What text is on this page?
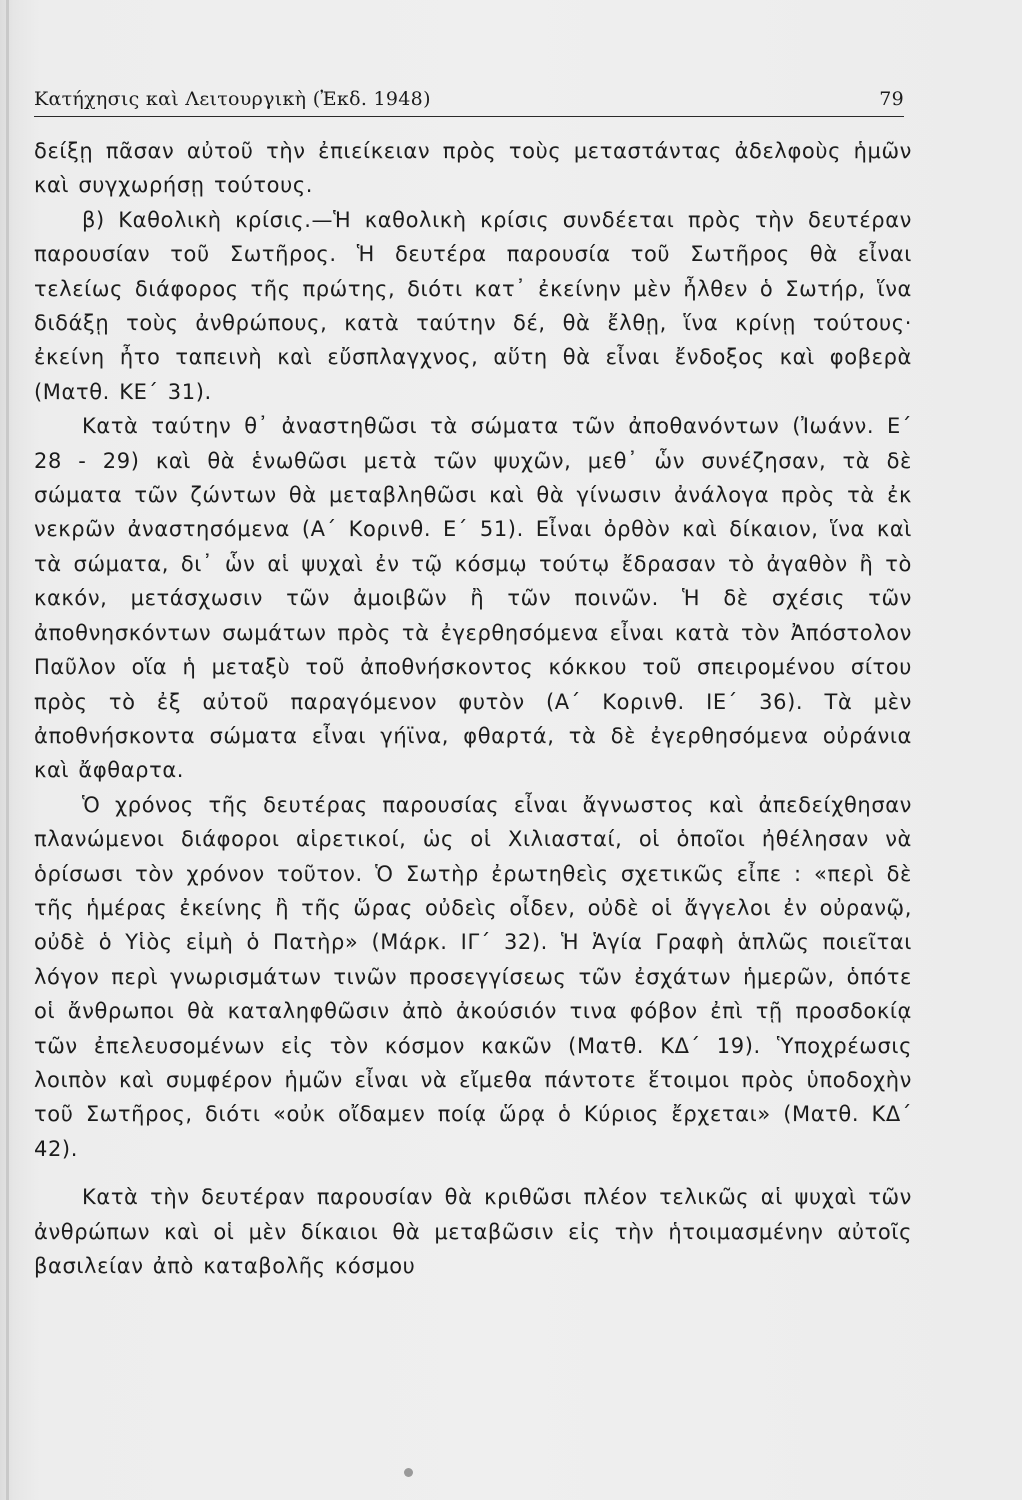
Κατήχησις καὶ Λειτουργικὴ (Ἐκδ. 1948)	79

δείξῃ πᾶσαν αὐτοῦ τὴν ἐπιείκειαν πρὸς τοὺς μεταστάντας ἀδελφοὺς ἡμῶν καὶ συγχωρήσῃ τούτους.

β) Καθολικὴ κρίσις.—Ἡ καθολικὴ κρίσις συνδέεται πρὸς τὴν δευτέραν παρουσίαν τοῦ Σωτῆρος. Ἡ δευτέρα παρουσία τοῦ Σωτῆρος θὰ εἶναι τελείως διάφορος τῆς πρώτης, διότι κατ᾽ ἐκείνην μὲν ἦλθεν ὁ Σωτήρ, ἵνα διδάξῃ τοὺς ἀνθρώπους, κατὰ ταύτην δέ, θὰ ἔλθῃ, ἵνα κρίνῃ τούτους· ἐκείνη ἦτο ταπεινὴ καὶ εὔσπλαγχνος, αὕτη θὰ εἶναι ἔνδοξος καὶ φοβερὰ (Ματθ. ΚΕ΄ 31).

Κατὰ ταύτην θ᾽ ἀναστηθῶσι τὰ σώματα τῶν ἀποθανόντων (Ἰωάνν. Ε΄ 28 - 29) καὶ θὰ ἑνωθῶσι μετὰ τῶν ψυχῶν, μεθ᾽ ὧν συνέζησαν, τὰ δὲ σώματα τῶν ζώντων θὰ μεταβληθῶσι καὶ θὰ γίνωσιν ἀνάλογα πρὸς τὰ ἐκ νεκρῶν ἀναστησόμενα (Α΄ Κορινθ. Ε΄ 51). Εἶναι ὀρθὸν καὶ δίκαιον, ἵνα καὶ τὰ σώματα, δι᾽ ὧν αἱ ψυχαὶ ἐν τῷ κόσμῳ τούτῳ ἔδρασαν τὸ ἀγαθὸν ἢ τὸ κακόν, μετάσχωσιν τῶν ἀμοιβῶν ἢ τῶν ποινῶν. Ἡ δὲ σχέσις τῶν ἀποθνησκόντων σωμάτων πρὸς τὰ ἐγερθησόμενα εἶναι κατὰ τὸν Ἀπόστολον Παῦλον οἵα ἡ μεταξὺ τοῦ ἀποθνήσκοντος κόκκου τοῦ σπειρομένου σίτου πρὸς τὸ ἐξ αὐτοῦ παραγόμενον φυτὸν (Α΄ Κορινθ. ΙΕ΄ 36). Τὰ μὲν ἀποθνήσκοντα σώματα εἶναι γήϊνα, φθαρτά, τὰ δὲ ἐγερθησόμενα οὐράνια καὶ ἄφθαρτα.

Ὁ χρόνος τῆς δευτέρας παρουσίας εἶναι ἄγνωστος καὶ ἀπεδείχθησαν πλανώμενοι διάφοροι αἱρετικοί, ὡς οἱ Χιλιασταί, οἱ ὁποῖοι ἠθέλησαν νὰ ὁρίσωσι τὸν χρόνον τοῦτον. Ὁ Σωτὴρ ἐρωτηθεὶς σχετικῶς εἶπε : «περὶ δὲ τῆς ἡμέρας ἐκείνης ἢ τῆς ὥρας οὐδεὶς οἶδεν, οὐδὲ οἱ ἄγγελοι ἐν οὐρανῷ, οὐδὲ ὁ Υἱὸς εἰμὴ ὁ Πατὴρ» (Μάρκ. ΙΓ΄ 32). Ἡ Ἁγία Γραφὴ ἁπλῶς ποιεῖται λόγον περὶ γνωρισμάτων τινῶν προσεγγίσεως τῶν ἐσχάτων ἡμερῶν, ὁπότε οἱ ἄνθρωποι θὰ καταληφθῶσιν ἀπὸ ἀκούσιόν τινα φόβον ἐπὶ τῇ προσδοκίᾳ τῶν ἐπελευσομένων εἰς τὸν κόσμον κακῶν (Ματθ. ΚΔ΄ 19). Ὑποχρέωσις λοιπὸν καὶ συμφέρον ἡμῶν εἶναι νὰ εἴμεθα πάντοτε ἕτοιμοι πρὸς ὑποδοχὴν τοῦ Σωτῆρος, διότι «οὐκ οἴδαμεν ποίᾳ ὥρᾳ ὁ Κύριος ἔρχεται» (Ματθ. ΚΔ΄ 42).

Κατὰ τὴν δευτέραν παρουσίαν θὰ κριθῶσι πλέον τελικῶς αἱ ψυχαὶ τῶν ἀνθρώπων καὶ οἱ μὲν δίκαιοι θὰ μεταβῶσιν εἰς τὴν ἡτοιμασμένην αὐτοῖς βασιλείαν ἀπὸ καταβολῆς κόσμου
